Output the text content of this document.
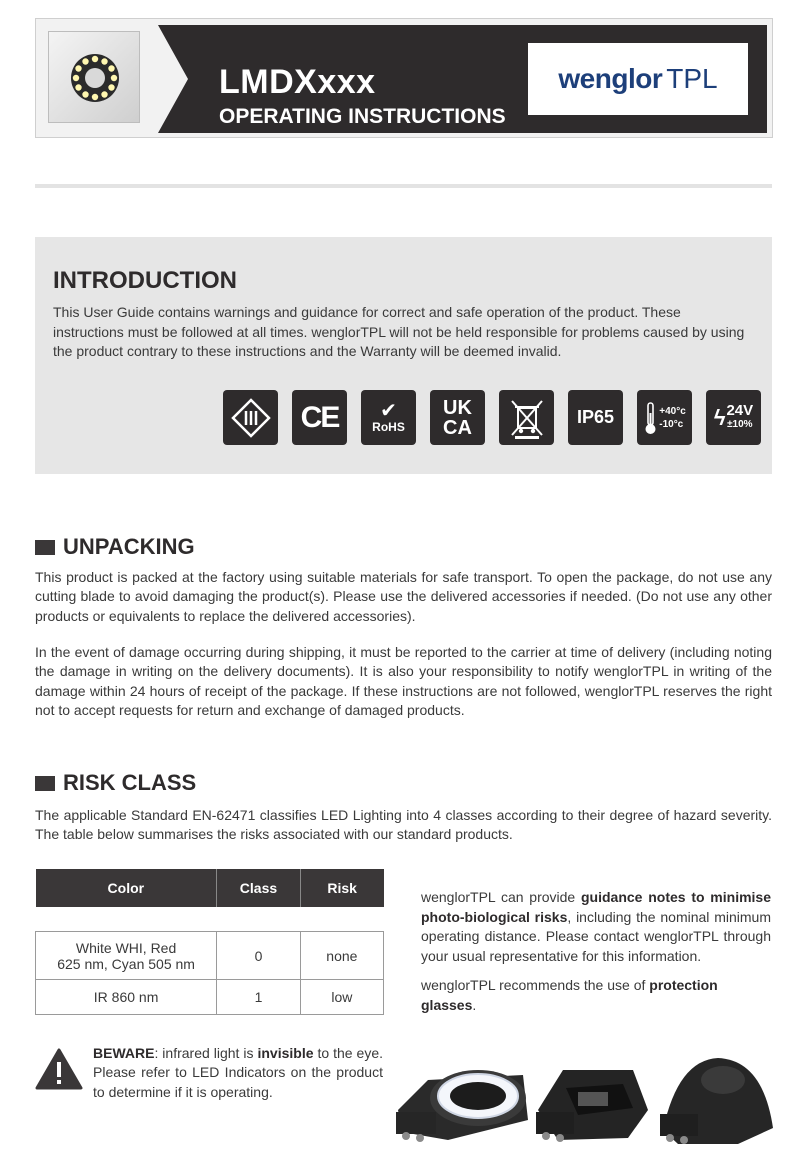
LMDXxxx
OPERATING INSTRUCTIONS
wenglor TPL
INTRODUCTION
This User Guide contains warnings and guidance for correct and safe operation of the product. These instructions must be followed at all times. wenglorTPL will not be held responsible for problems caused by using the product contrary to these instructions and the Warranty will be deemed invalid.
CE ✔
RoHS
UK
CA	IP65	+40°c
-10°c ϟ 24V
±10%
UNPACKING
This product is packed at the factory using suitable materials for safe transport. To open the package, do not use any cutting blade to avoid damaging the product(s). Please use the delivered accessories if needed. (Do not use any other products or equivalents to replace the delivered accessories).
In the event of damage occurring during shipping, it must be reported to the carrier at time of delivery (including noting the damage in writing on the delivery documents). It is also your responsibility to notify wenglorTPL in writing of the damage within 24 hours of receipt of the package. If these instructions are not followed, wenglorTPL reserves the right not to accept requests for return and exchange of damaged products.
RISK CLASS
The applicable Standard EN-62471 classifies LED Lighting into 4 classes according to their degree of hazard severity. The table below summarises the risks associated with our standard products.
Color	Class	Risk

White WHI, Red
625 nm, Cyan 505 nm	0	none
IR 860 nm	1	low

wenglorTPL can provide guidance notes to minimise photo-biological risks, including the nominal minimum operating distance. Please contact wenglorTPL through your usual representative for this information.

wenglorTPL recommends the use of protection glasses.

BEWARE: infrared light is invisible to the eye. Please refer to LED Indicators on the product to determine if it is operating.
